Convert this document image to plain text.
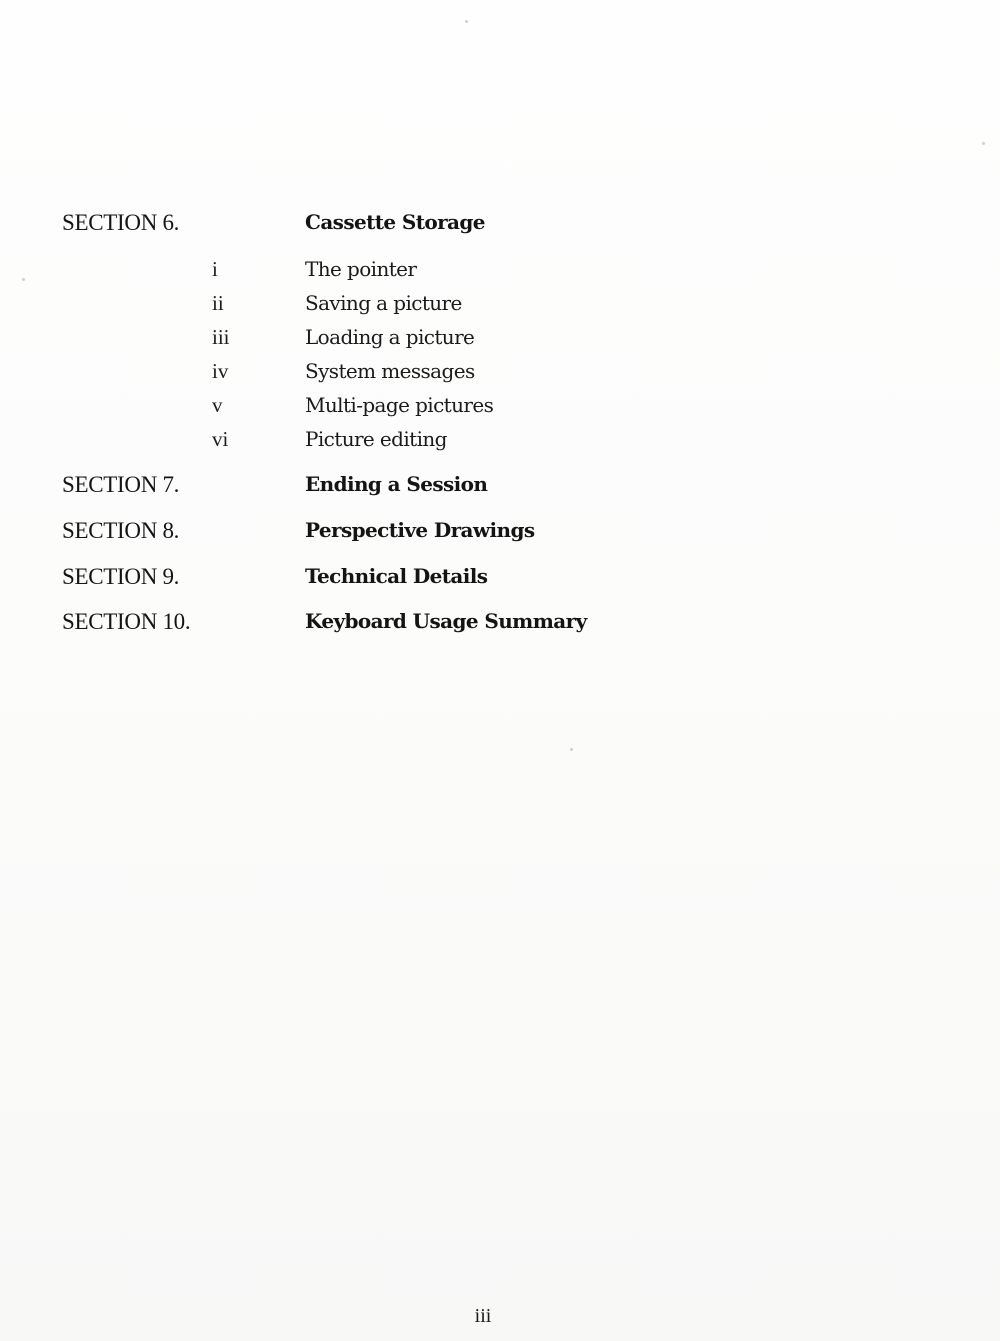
SECTION 6.	Cassette Storage
i	The pointer
ii	Saving a picture
iii	Loading a picture
iv	System messages
v	Multi-page pictures
vi	Picture editing
SECTION 7.	Ending a Session
SECTION 8.	Perspective Drawings
SECTION 9.	Technical Details
SECTION 10.	Keyboard Usage Summary
iii
